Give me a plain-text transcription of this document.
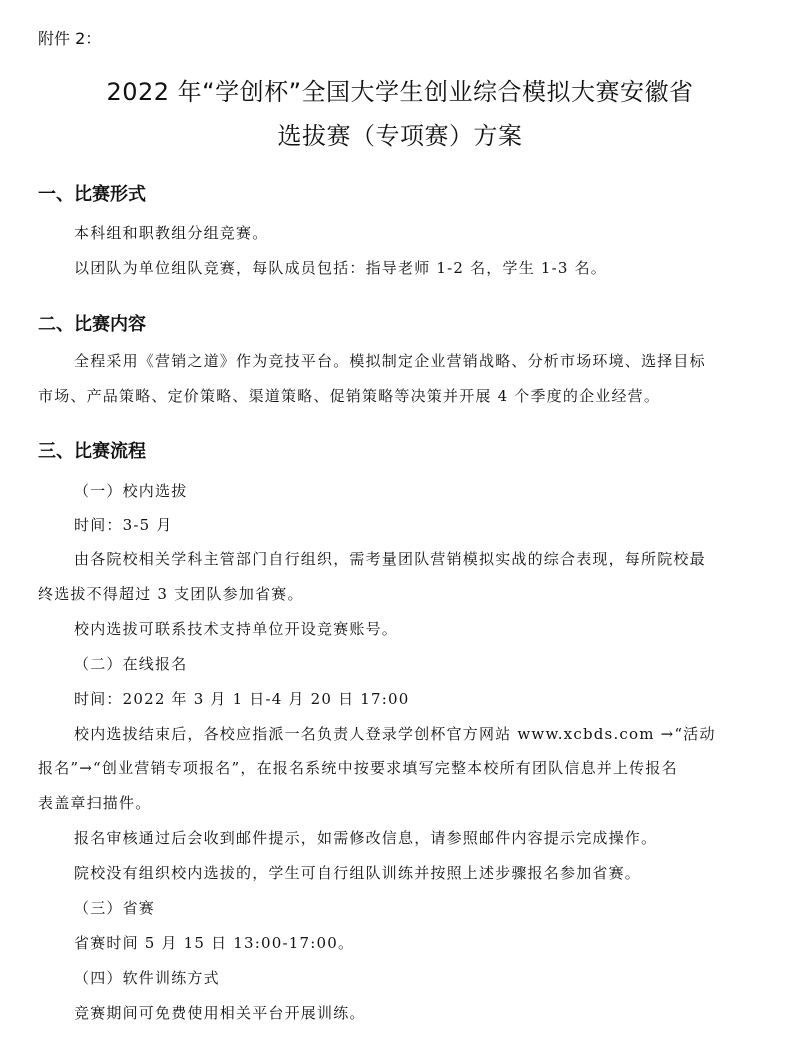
附件 2：
2022 年“学创杯”全国大学生创业综合模拟大赛安徽省
选拔赛（专项赛）方案
一、比赛形式
本科组和职教组分组竞赛。
以团队为单位组队竞赛，每队成员包括：指导老师 1-2 名，学生 1-3 名。
二、比赛内容
全程采用《营销之道》作为竞技平台。模拟制定企业营销战略、分析市场环境、选择目标
市场、产品策略、定价策略、渠道策略、促销策略等决策并开展 4 个季度的企业经营。
三、比赛流程
（一）校内选拔
时间：3-5 月
由各院校相关学科主管部门自行组织，需考量团队营销模拟实战的综合表现，每所院校最
终选拔不得超过 3 支团队参加省赛。
校内选拔可联系技术支持单位开设竞赛账号。
（二）在线报名
时间：2022 年 3 月 1 日-4 月 20 日 17:00
校内选拔结束后，各校应指派一名负责人登录学创杯官方网站 www.xcbds.com →“活动
报名”→“创业营销专项报名”，在报名系统中按要求填写完整本校所有团队信息并上传报名
表盖章扫描件。
报名审核通过后会收到邮件提示，如需修改信息，请参照邮件内容提示完成操作。
院校没有组织校内选拔的，学生可自行组队训练并按照上述步骤报名参加省赛。
（三）省赛
省赛时间 5 月 15 日 13:00-17:00。
（四）软件训练方式
竞赛期间可免费使用相关平台开展训练。
